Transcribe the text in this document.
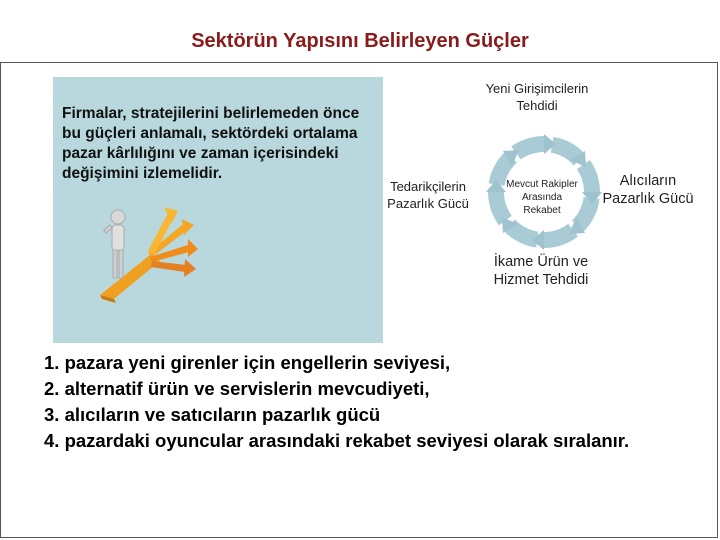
Sektörün Yapısını Belirleyen Güçler
Firmalar, stratejilerini belirlemeden önce bu güçleri anlamalı, sektördeki ortalama pazar kârlılığını ve zaman içerisindeki değişimini izlemelidir.
Yeni Girişimcilerin Tehdidi
Tedarikçilerin Pazarlık Gücü
Alıcıların Pazarlık Gücü
İkame Ürün ve Hizmet Tehdidi
Mevcut Rakipler Arasında Rekabet
1. pazara yeni girenler için engellerin seviyesi,
2. alternatif ürün ve servislerin mevcudiyeti,
3. alıcıların ve satıcıların pazarlık gücü
4. pazardaki oyuncular arasındaki rekabet seviyesi olarak sıralanır.
